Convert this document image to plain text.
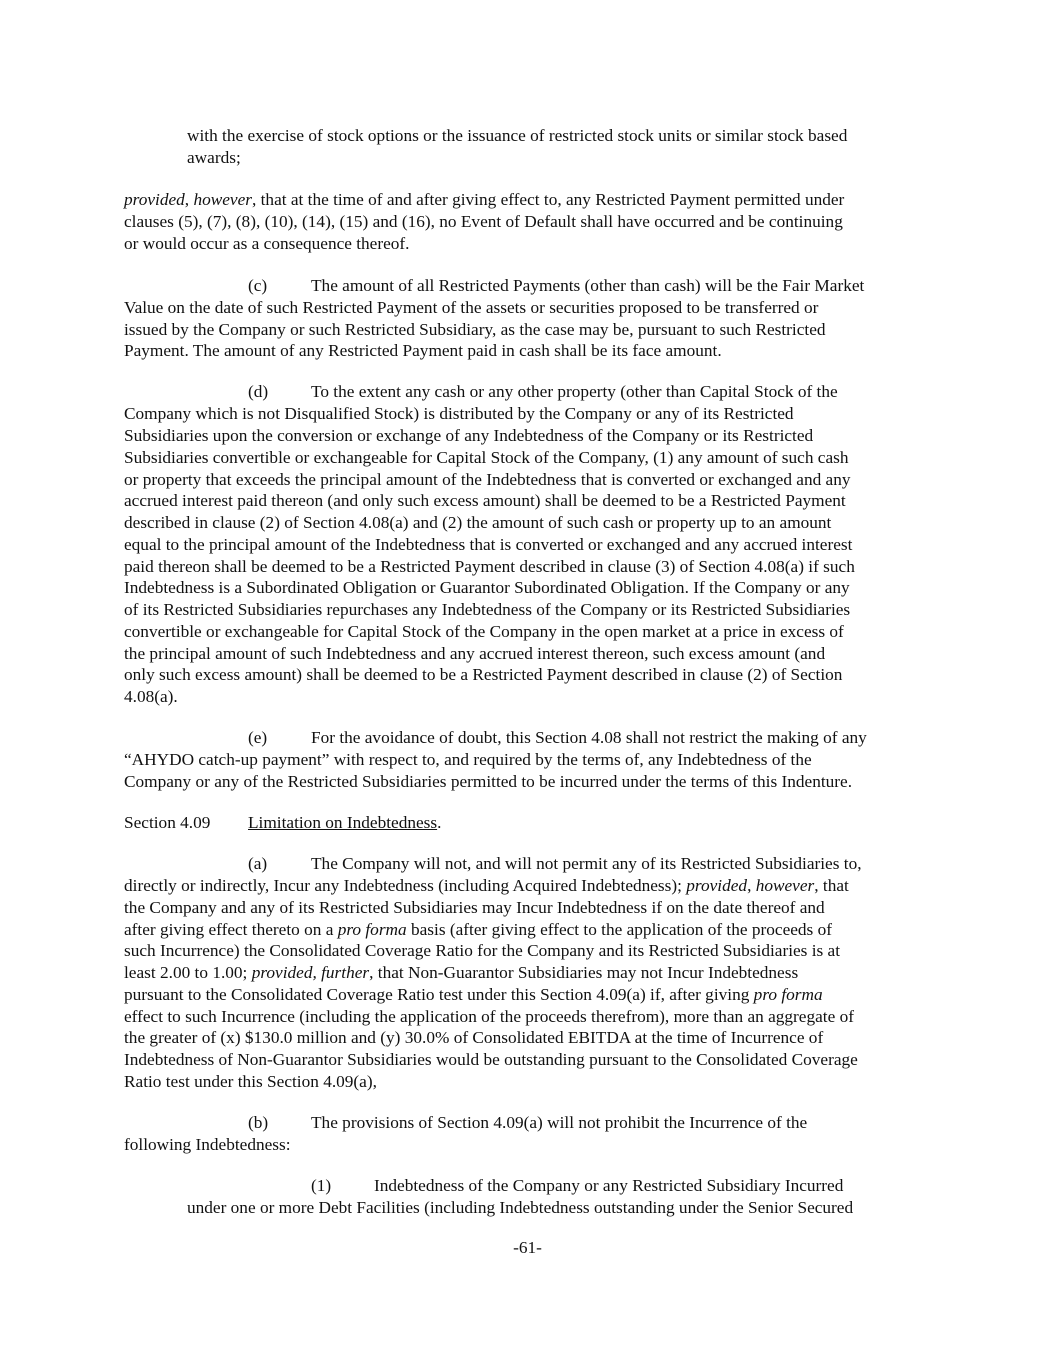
with the exercise of stock options or the issuance of restricted stock units or similar stock based

awards;

provided, however, that at the time of and after giving effect to, any Restricted Payment permitted under

clauses (5), (7), (8), (10), (14), (15) and (16), no Event of Default shall have occurred and be continuing

or would occur as a consequence thereof.

(c)	The amount of all Restricted Payments (other than cash) will be the Fair Market

Value on the date of such Restricted Payment of the assets or securities proposed to be transferred or

issued by the Company or such Restricted Subsidiary, as the case may be, pursuant to such Restricted

Payment. The amount of any Restricted Payment paid in cash shall be its face amount.

(d) To the extent any cash or any other property (other than Capital Stock of the

Company which is not Disqualified Stock) is distributed by the Company or any of its Restricted

Subsidiaries upon the conversion or exchange of any Indebtedness of the Company or its Restricted

Subsidiaries convertible or exchangeable for Capital Stock of the Company, (1) any amount of such cash

or property that exceeds the principal amount of the Indebtedness that is converted or exchanged and any

accrued interest paid thereon (and only such excess amount) shall be deemed to be a Restricted Payment

described in clause (2) of Section 4.08(a) and (2) the amount of such cash or property up to an amount

equal to the principal amount of the Indebtedness that is converted or exchanged and any accrued interest

paid thereon shall be deemed to be a Restricted Payment described in clause (3) of Section 4.08(a) if such

Indebtedness is a Subordinated Obligation or Guarantor Subordinated Obligation. If the Company or any

of its Restricted Subsidiaries repurchases any Indebtedness of the Company or its Restricted Subsidiaries

convertible or exchangeable for Capital Stock of the Company in the open market at a price in excess of

the principal amount of such Indebtedness and any accrued interest thereon, such excess amount (and

only such excess amount) shall be deemed to be a Restricted Payment described in clause (2) of Section

4.08(a).

(e)	For the avoidance of doubt, this Section 4.08 shall not restrict the making of any

“AHYDO catch-up payment” with respect to, and required by the terms of, any Indebtedness of the

Company or any of the Restricted Subsidiaries permitted to be incurred under the terms of this Indenture.

Section 4.09 Limitation on Indebtedness.

(a)	The Company will not, and will not permit any of its Restricted Subsidiaries to,

directly or indirectly, Incur any Indebtedness (including Acquired Indebtedness); provided, however, that

the Company and any of its Restricted Subsidiaries may Incur Indebtedness if on the date thereof and

after giving effect thereto on a pro forma basis (after giving effect to the application of the proceeds of

such Incurrence) the Consolidated Coverage Ratio for the Company and its Restricted Subsidiaries is at

least 2.00 to 1.00; provided, further, that Non-Guarantor Subsidiaries may not Incur Indebtedness

pursuant to the Consolidated Coverage Ratio test under this Section 4.09(a) if, after giving pro forma

effect to such Incurrence (including the application of the proceeds therefrom), more than an aggregate of

the greater of (x) $130.0 million and (y) 30.0% of Consolidated EBITDA at the time of Incurrence of

Indebtedness of Non-Guarantor Subsidiaries would be outstanding pursuant to the Consolidated Coverage

Ratio test under this Section 4.09(a),

(b) The provisions of Section 4.09(a) will not prohibit the Incurrence of the

following Indebtedness:

(1) Indebtedness of the Company or any Restricted Subsidiary Incurred

under one or more Debt Facilities (including Indebtedness outstanding under the Senior Secured

-61-
